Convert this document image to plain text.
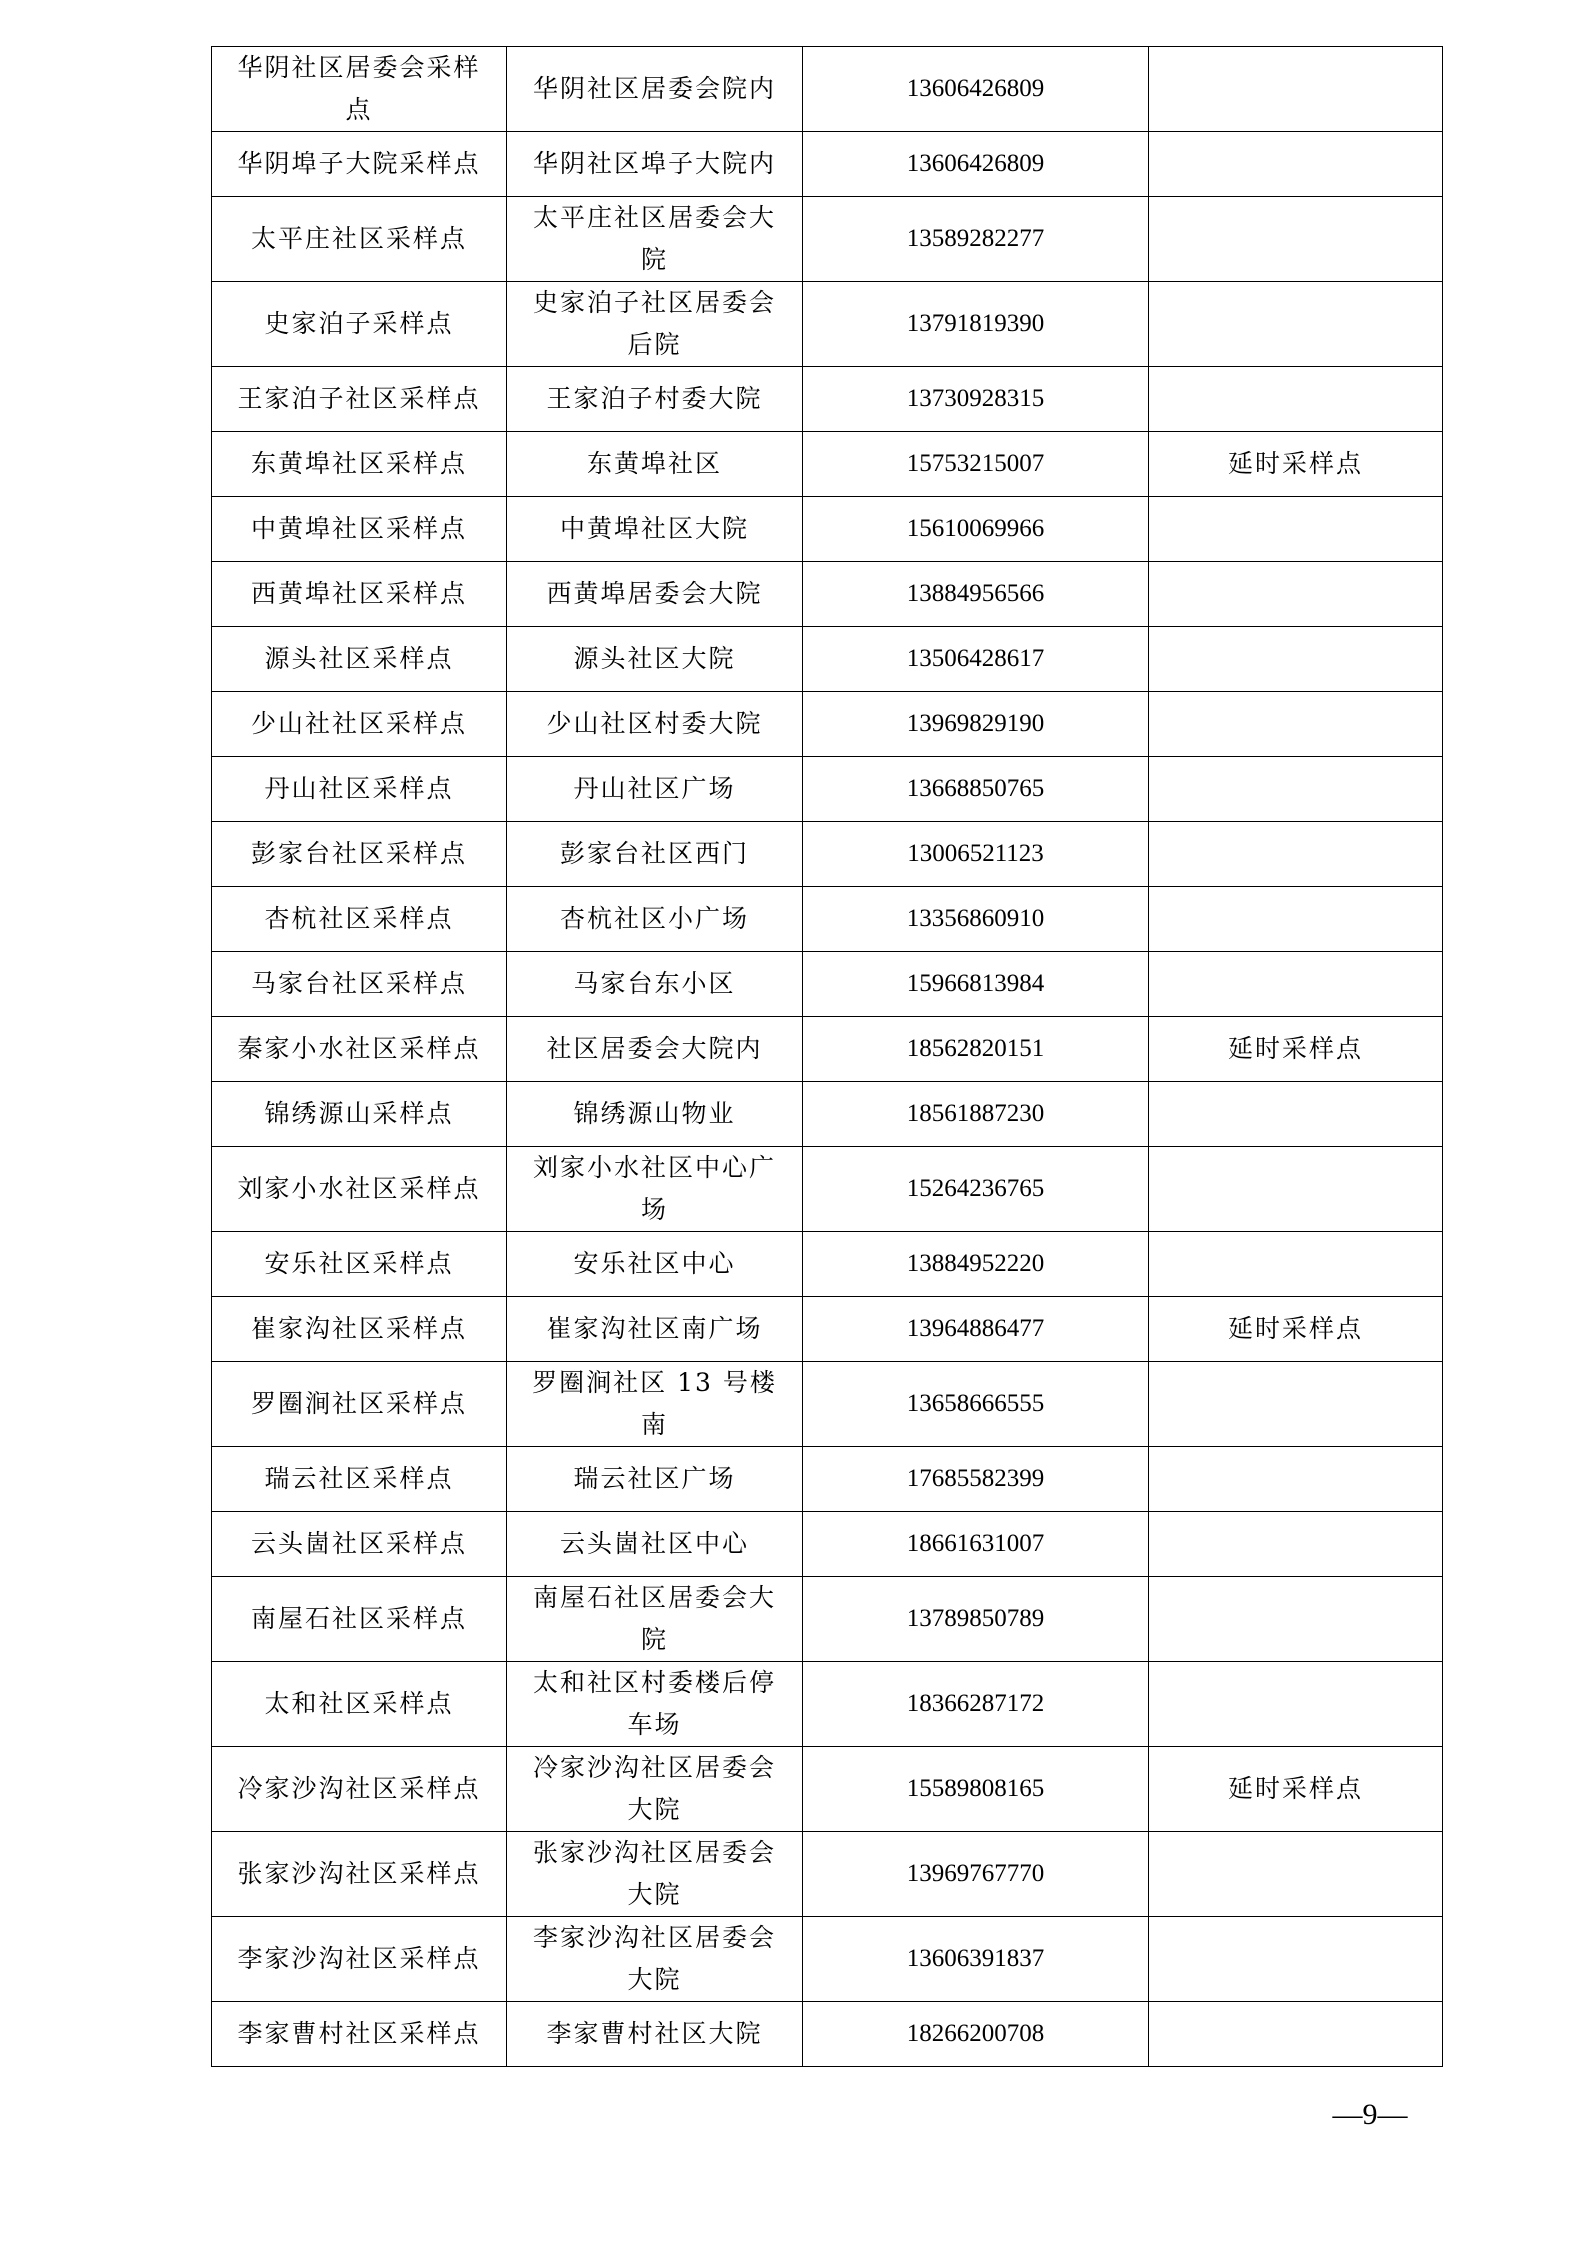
华阴社区居委会采样点	华阴社区居委会院内	13606426809	
华阴埠子大院采样点	华阴社区埠子大院内	13606426809	
太平庄社区采样点	太平庄社区居委会大院	13589282277	
史家泊子采样点	史家泊子社区居委会后院	13791819390	
王家泊子社区采样点	王家泊子村委大院	13730928315	
东黄埠社区采样点	东黄埠社区	15753215007	延时采样点
中黄埠社区采样点	中黄埠社区大院	15610069966	
西黄埠社区采样点	西黄埠居委会大院	13884956566	
源头社区采样点	源头社区大院	13506428617	
少山社社区采样点	少山社区村委大院	13969829190	
丹山社区采样点	丹山社区广场	13668850765	
彭家台社区采样点	彭家台社区西门	13006521123	
杏杭社区采样点	杏杭社区小广场	13356860910	
马家台社区采样点	马家台东小区	15966813984	
秦家小水社区采样点	社区居委会大院内	18562820151	延时采样点
锦绣源山采样点	锦绣源山物业	18561887230	
刘家小水社区采样点	刘家小水社区中心广场	15264236765	
安乐社区采样点	安乐社区中心	13884952220	
崔家沟社区采样点	崔家沟社区南广场	13964886477	延时采样点
罗圈涧社区采样点	罗圈涧社区 13 号楼南	13658666555	
瑞云社区采样点	瑞云社区广场	17685582399	
云头崮社区采样点	云头崮社区中心	18661631007	
南屋石社区采样点	南屋石社区居委会大院	13789850789	
太和社区采样点	太和社区村委楼后停车场	18366287172	
冷家沙沟社区采样点	冷家沙沟社区居委会大院	15589808165	延时采样点
张家沙沟社区采样点	张家沙沟社区居委会大院	13969767770	
李家沙沟社区采样点	李家沙沟社区居委会大院	13606391837	
李家曹村社区采样点	李家曹村社区大院	18266200708	
—9—
